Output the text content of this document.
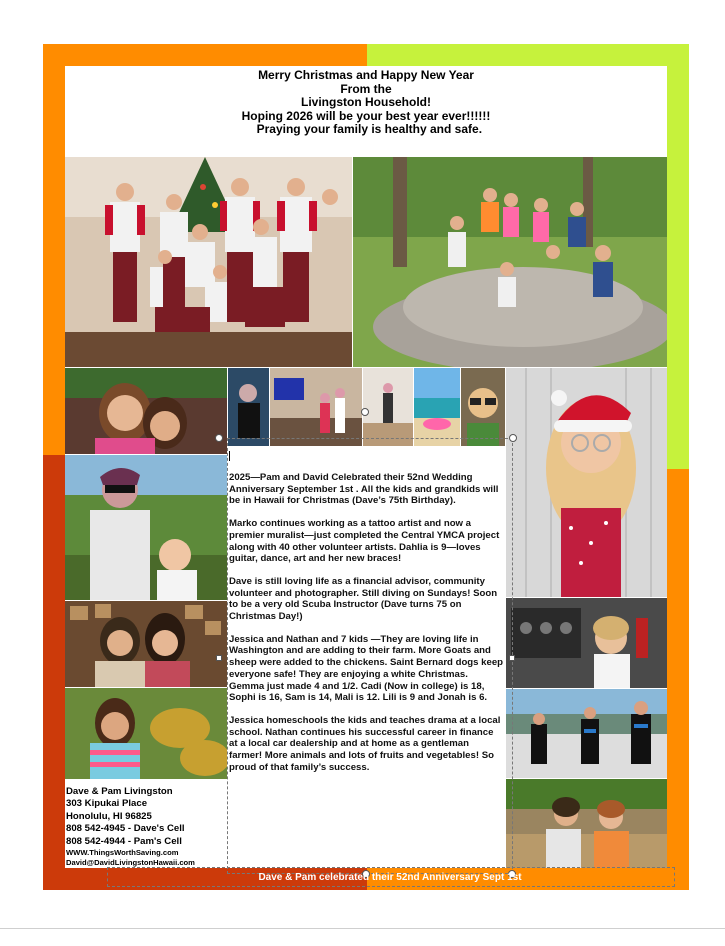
Merry Christmas and Happy New Year
From the
Livingston Household!
Hoping 2026 will be your best year ever!!!!!!
Praying your family is healthy and safe.

2025—Pam and David Celebrated their 52nd Wedding Anniversary September 1st . All the kids and grandkids will be in Hawaii for Christmas (Dave’s 75th Birthday).

Marko continues working as a tattoo artist and now a premier muralist—just completed the Central YMCA project along with 40 other volunteer artists. Dahlia is 9—loves guitar, dance, art and her new braces!

Dave is still loving life as a financial advisor, community volunteer and photographer. Still diving on Sundays! Soon to be a very old Scuba Instructor (Dave turns 75 on Christmas Day!)

Jessica and Nathan and 7 kids —They are loving life in Washington and are adding to their farm. More Goats and sheep were added to the chickens. Saint Bernard dogs keep everyone safe! They are enjoying a white Christmas. Gemma just made 4 and 1/2. Cadi (Now in college) is 18, Sophi is 16, Sam is 14, Mali is 12. Lili is 9 and Jonah is 6.

Jessica homeschools the kids and teaches drama at a local school. Nathan continues his successful career in finance at a local car dealership and at home as a gentleman farmer! More animals and lots of fruits and vegetables! So proud of that family’s success.

Dave & Pam Livingston
303 Kipukai Place
Honolulu, HI 96825
808 542-4945 - Dave's Cell
808 542-4944 - Pam's Cell
WWW.ThingsWorthSaving.com
David@DavidLivingstonHawaii.com
Dave & Pam celebrated their 52nd Anniversary Sept 1st
